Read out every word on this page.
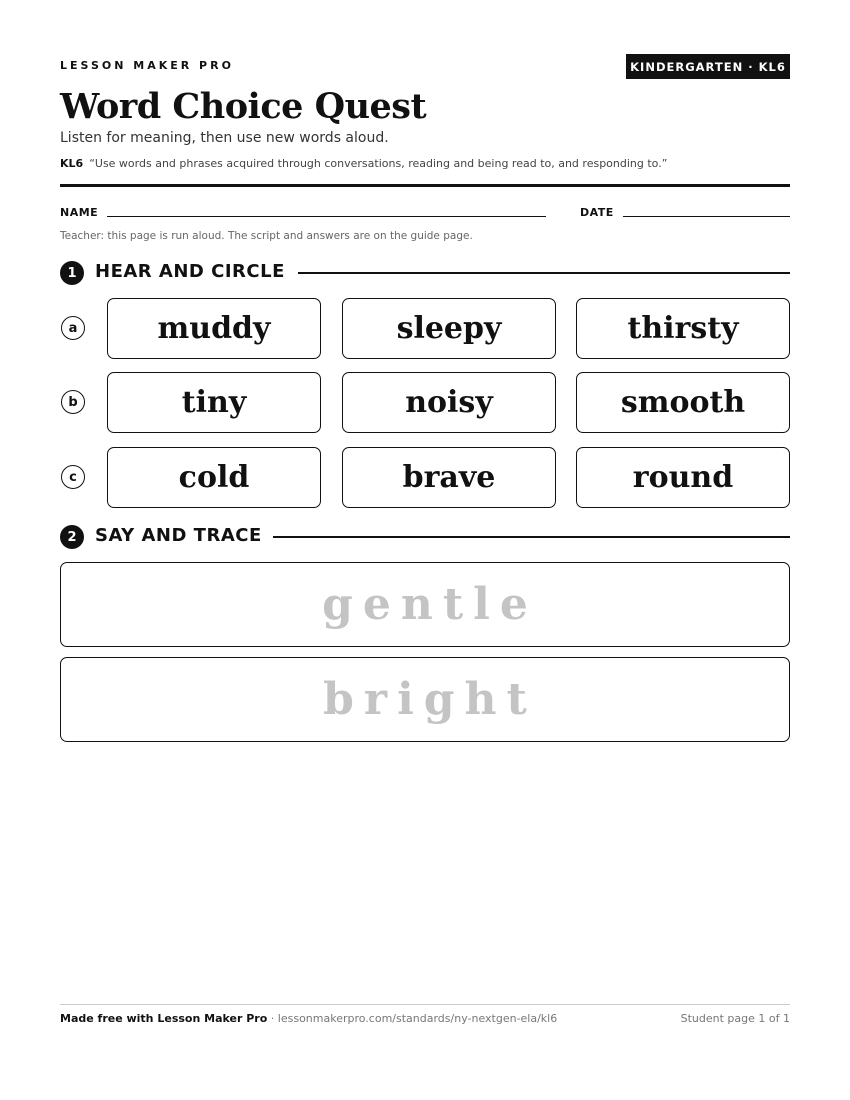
LESSON MAKER PRO	KINDERGARTEN · KL6
Word Choice Quest
Listen for meaning, then use new words aloud.
KL6 “Use words and phrases acquired through conversations, reading and being read to, and responding to.”
NAME	DATE
Teacher: this page is run aloud. The script and answers are on the guide page.
1	HEAR AND CIRCLE
a	muddy	sleepy	thirsty
b	tiny	noisy	smooth
c	cold	brave	round
2	SAY AND TRACE
gentle
bright
Made free with Lesson Maker Pro · lessonmakerpro.com/standards/ny-nextgen-ela/kl6	Student page 1 of 1
